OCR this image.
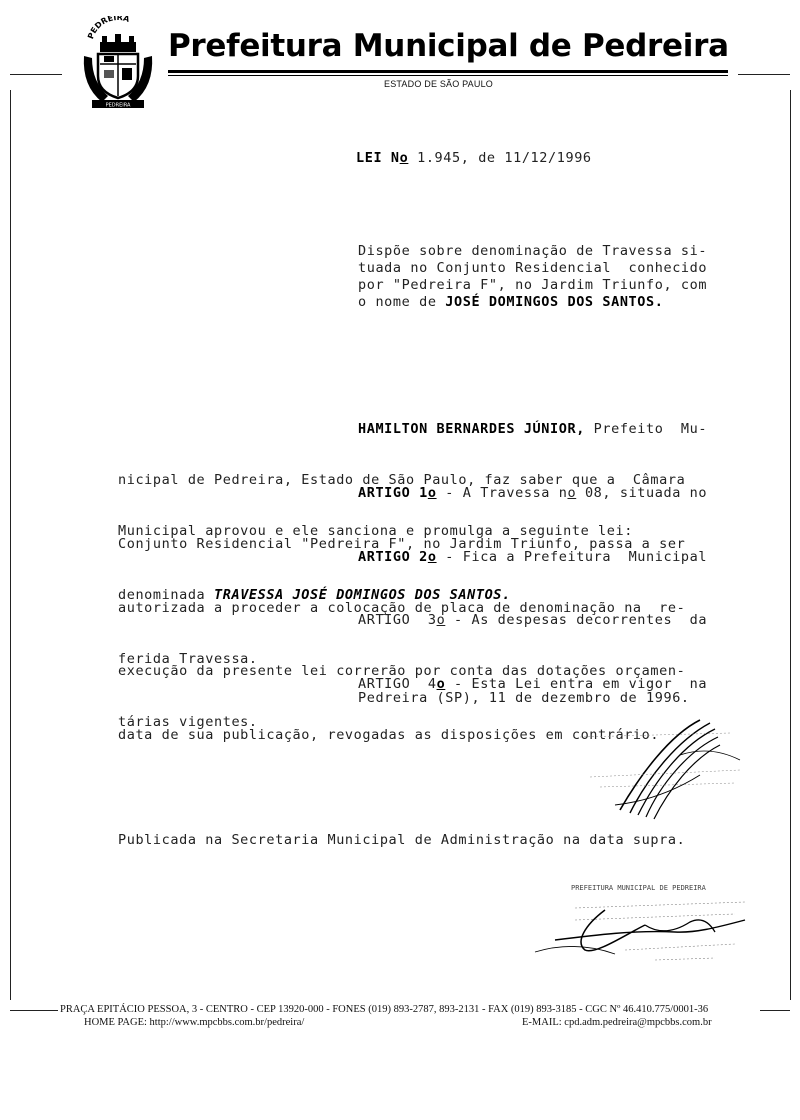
PEDREIRA
PEDREIRA
Prefeitura Municipal de Pedreira
ESTADO DE SÃO PAULO
LEI No 1.945, de 11/12/1996
Dispõe sobre denominação de Travessa si-
tuada no Conjunto Residencial  conhecido
por "Pedreira F", no Jardim Triunfo, com
o nome de JOSÉ DOMINGOS DOS SANTOS.

HAMILTON BERNARDES JÚNIOR, Prefeito  Mu-

nicipal de Pedreira, Estado de São Paulo, faz saber que a  Câmara

Municipal aprovou e ele sanciona e promulga a seguinte lei:

ARTIGO 1o - A Travessa no 08, situada no

Conjunto Residencial "Pedreira F", no Jardim Triunfo, passa a ser

denominada TRAVESSA JOSÉ DOMINGOS DOS SANTOS.

ARTIGO 2o - Fica a Prefeitura  Municipal

autorizada a proceder a colocação de placa de denominação na  re-

ferida Travessa.

ARTIGO  3o - As despesas decorrentes  da

execução da presente lei correrão por conta das dotações orçamen-

tárias vigentes.

ARTIGO  4o - Esta Lei entra em vigor  na

data de sua publicação, revogadas as disposições em contrário.

Pedreira (SP), 11 de dezembro de 1996.
Publicada na Secretaria Municipal de Administração na data supra.
PREFEITURA MUNICIPAL DE PEDREIRA
PRAÇA EPITÁCIO PESSOA, 3 - CENTRO - CEP 13920-000 - FONES (019) 893-2787, 893-2131 - FAX (019) 893-3185 - CGC Nº 46.410.775/0001-36
HOME PAGE: http://www.mpcbbs.com.br/pedreira/	E-MAIL: cpd.adm.pedreira@mpcbbs.com.br
